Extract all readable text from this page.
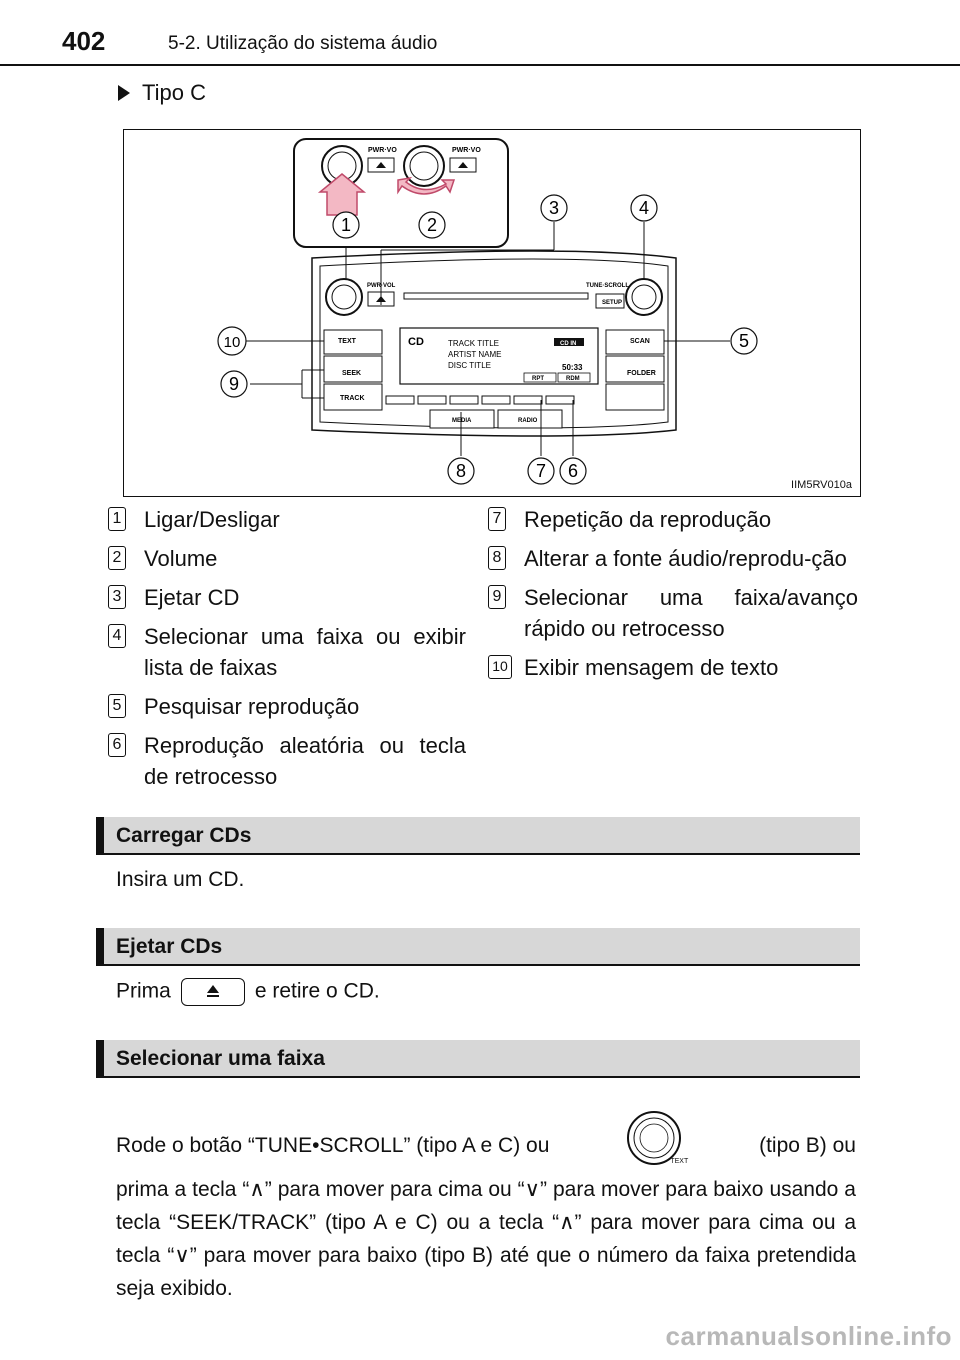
402	5-2. Utilização do sistema áudio
Tipo C
PWR·VO	PWR·VO
1	2
PWR·VOL	TUNE·SCROLL
SETUP
TEXT
SEEK
TRACK
SCAN
FOLDER
CD	TRACK TITLE
ARTIST NAME
DISC TITLE
CD IN
50:33
RPT	RDM
MEDIA	RADIO
3	4
5
6
7
8
9
10
IIM5RV010a
1 Ligar/Desligar
2 Volume
3 Ejetar CD
4 Selecionar uma faixa ou exibir lista de faixas
5 Pesquisar reprodução
6 Reprodução aleatória ou tecla de retrocesso
7 Repetição da reprodução
8 Alterar a fonte áudio/reprodu-ção
9 Selecionar uma faixa/avanço rápido ou retrocesso
10 Exibir mensagem de texto
Carregar CDs
Insira um CD.
Ejetar CDs
Prima	e retire o CD.
Selecionar uma faixa
Rode o botão “TUNE•SCROLL” (tipo A e C) ou
TEXT
(tipo B) ou
prima a tecla “∧” para mover para cima ou “∨” para mover para baixo usando a tecla “SEEK/TRACK” (tipo A e C) ou a tecla “∧” para mover para cima ou a tecla “∨” para mover para baixo (tipo B) até que o número da faixa pretendida seja exibido.
carmanualsonline.info
